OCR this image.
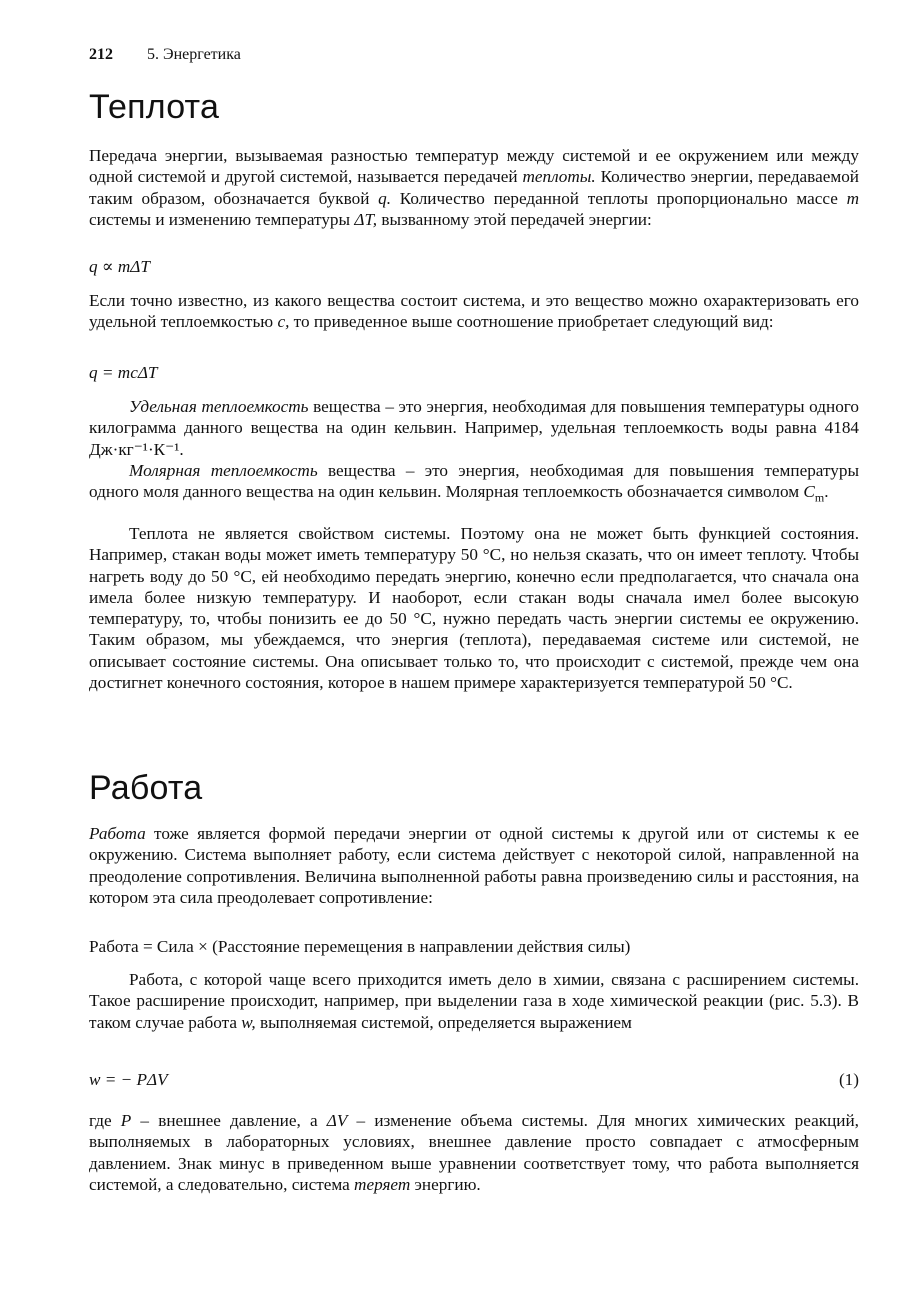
212 5. Энергетика
Теплота

Передача энергии, вызываемая разностью температур между системой и ее окружением или между одной системой и другой системой, называется передачей теплоты. Количество энергии, передаваемой таким образом, обозначается буквой q. Количество переданной теплоты пропорционально массе m системы и изменению температуры ΔT, вызванному этой передачей энергии:

q ∝ mΔT

Если точно известно, из какого вещества состоит система, и это вещество можно охарактеризовать его удельной теплоемкостью c, то приведенное выше соотношение приобретает следующий вид:

q = mcΔT

Удельная теплоемкость вещества – это энергия, необходимая для повышения температуры одного килограмма данного вещества на один кельвин. Например, удельная теплоемкость воды равна 4184 Дж·кг⁻¹·К⁻¹.

Молярная теплоемкость вещества – это энергия, необходимая для повышения температуры одного моля данного вещества на один кельвин. Молярная теплоемкость обозначается символом $C_m$.

Теплота не является свойством системы. Поэтому она не может быть функцией состояния. Например, стакан воды может иметь температуру 50 °С, но нельзя сказать, что он имеет теплоту. Чтобы нагреть воду до 50 °С, ей необходимо передать энергию, конечно если предполагается, что сначала она имела более низкую температуру. И наоборот, если стакан воды сначала имел более высокую температуру, то, чтобы понизить ее до 50 °С, нужно передать часть энергии системы ее окружению. Таким образом, мы убеждаемся, что энергия (теплота), передаваемая системе или системой, не описывает состояние системы. Она описывает только то, что происходит с системой, прежде чем она достигнет конечного состояния, которое в нашем примере характеризуется температурой 50 °С.

Работа

Работа тоже является формой передачи энергии от одной системы к другой или от системы к ее окружению. Система выполняет работу, если система действует с некоторой силой, направленной на преодоление сопротивления. Величина выполненной работы равна произведению силы и расстояния, на котором эта сила преодолевает сопротивление:

Работа = Сила × (Расстояние перемещения в направлении действия силы)

Работа, с которой чаще всего приходится иметь дело в химии, связана с расширением системы. Такое расширение происходит, например, при выделении газа в ходе химической реакции (рис. 5.3). В таком случае работа w, выполняемая системой, определяется выражением

w = − PΔV	(1)

где P – внешнее давление, а ΔV – изменение объема системы. Для многих химических реакций, выполняемых в лабораторных условиях, внешнее давление просто совпадает с атмосферным давлением. Знак минус в приведенном выше уравнении соответствует тому, что работа выполняется системой, а следовательно, система теряет энергию.
